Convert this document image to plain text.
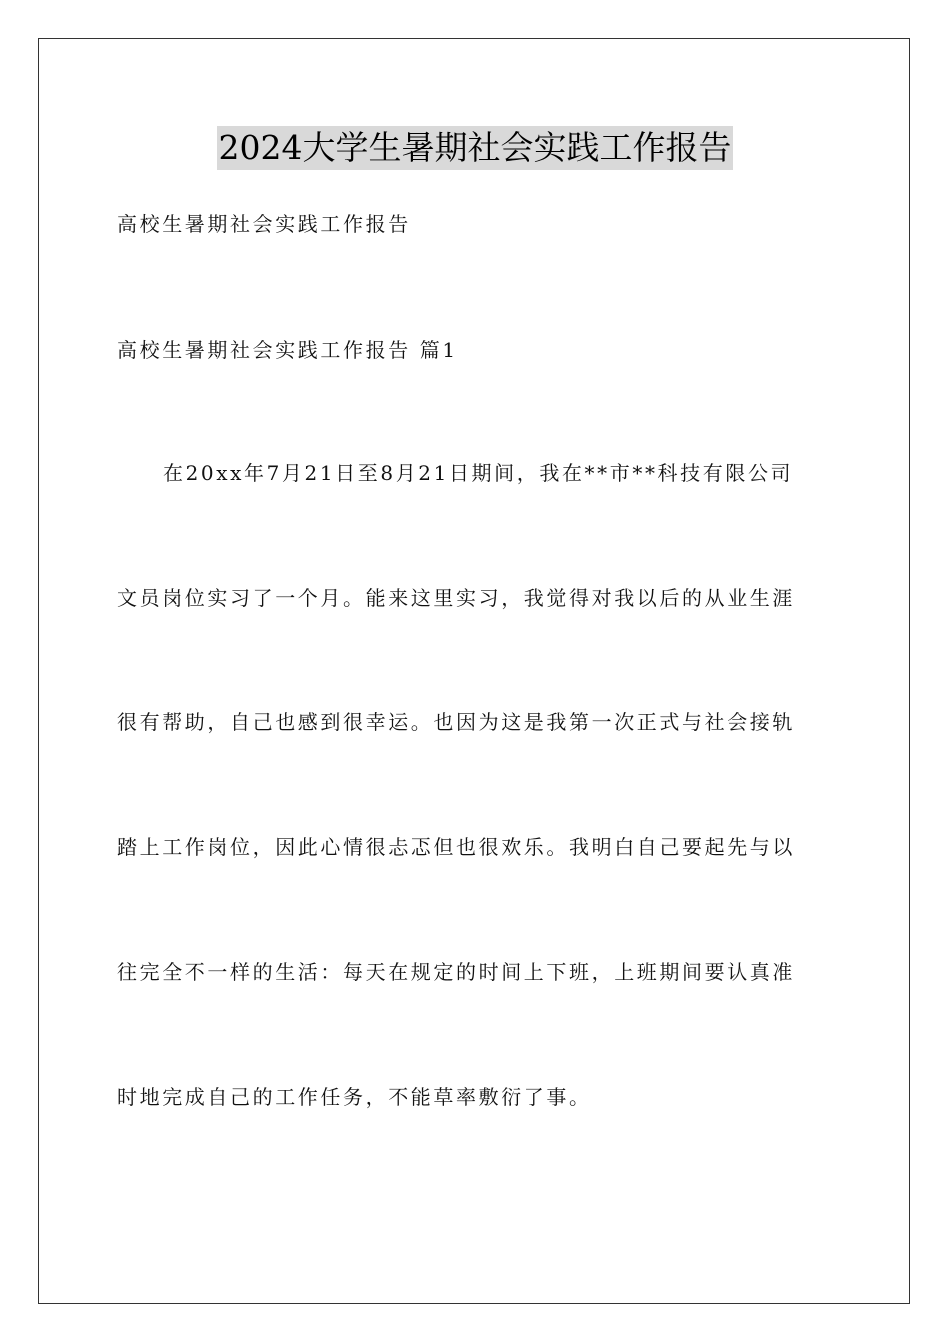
2024大学生暑期社会实践工作报告
高校生暑期社会实践工作报告
高校生暑期社会实践工作报告 篇1
在20xx年7月21日至8月21日期间，我在**市**科技有限公司
文员岗位实习了一个月。能来这里实习，我觉得对我以后的从业生涯
很有帮助，自己也感到很幸运。也因为这是我第一次正式与社会接轨
踏上工作岗位，因此心情很忐忑但也很欢乐。我明白自己要起先与以
往完全不一样的生活：每天在规定的时间上下班，上班期间要认真准
时地完成自己的工作任务，不能草率敷衍了事。
